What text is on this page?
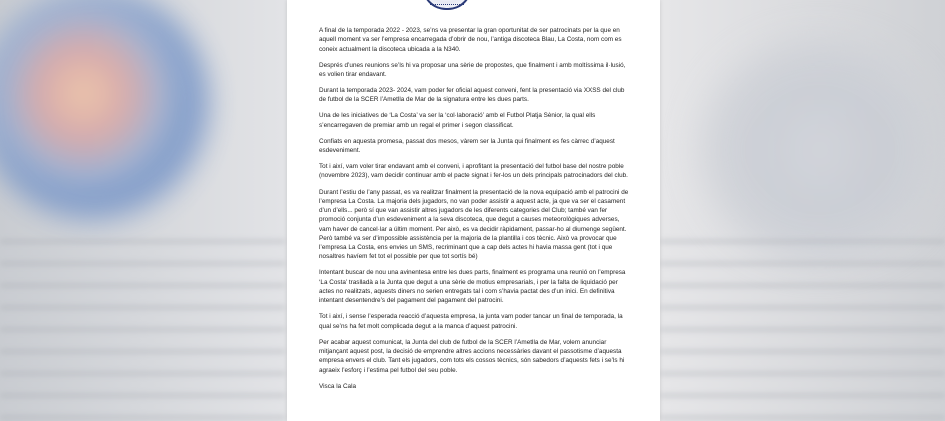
A final de la temporada 2022 - 2023, se’ns va presentar la gran oportunitat de ser patrocinats per la que en aquell moment va ser l’empresa encarregada d’obrir de nou, l’antiga discoteca Blau, La Costa, nom com es coneix actualment la discoteca ubicada a la N340.

Després d’unes reunions se’ls hi va proposar una sèrie de propostes, que finalment i amb moltíssima il·lusió, es volien tirar endavant.

Durant la temporada 2023- 2024, vam poder fer oficial aquest conveni, fent la presentació via XXSS del club de futbol de la SCER l’Ametlla de Mar de la signatura entre les dues parts.

Una de les iniciatives de ‘La Costa’ va ser la ‘col·laboració’ amb el Futbol Platja Sènior, la qual ells s’encarregaven de premiar amb un regal el primer i segon classificat.

Confiats en aquesta promesa, passat dos mesos, vàrem ser la Junta qui finalment es fes càrrec d’aquest esdeveniment.

Tot i així, vam voler tirar endavant amb el conveni, i aprofitant la presentació del futbol base del nostre poble (novembre 2023), vam decidir continuar amb el pacte signat i fer-los un dels principals patrocinadors del club.

Durant l’estiu de l’any passat, es va realitzar finalment la presentació de la nova equipació amb el patrocini de l’empresa La Costa. La majoria dels jugadors, no van poder assistir a aquest acte, ja que va ser el casament d’un d’ells... però sí que van assistir altres jugadors de les diferents categories del Club; també van fer promoció conjunta d’un esdeveniment a la seva discoteca, que degut a causes meteorològiques adverses, vam haver de cancel·lar a últim moment. Per això, es va decidir ràpidament, passar-ho al diumenge següent. Però també va ser d’impossible assistència per la majoria de la plantilla i cos tècnic. Això va provocar que l’empresa La Costa, ens envies un SMS, recriminant que a cap dels actes hi havia massa gent (tot i que nosaltres havíem fet tot el possible per que tot sortís bé)

Intentant buscar de nou una avinentesa entre les dues parts, finalment es programa una reunió on l’empresa ‘La Costa’ traslladà a la Junta que degut a una sèrie de motius empresarials, i per la falta de liquidació per actes no realitzats, aquests diners no serien entregats tal i com s’havia pactat des d’un inici. En definitiva intentant desentendre’s del pagament del pagament del patrocini.

Tot i així, i sense l’esperada reacció d’aquesta empresa, la junta vam poder tancar un final de temporada, la qual se’ns ha fet molt complicada degut a la manca d’aquest patrocini.

Per acabar aquest comunicat, la Junta del club de futbol de la SCER l’Ametlla de Mar, volem anunciar mitjançant aquest post, la decisió de emprendre altres accions necessàries davant el passotisme d’aquesta empresa envers el club. Tant els jugadors, com tots els cossos tècnics, són sabedors d’aquests fets i se’ls hi agraeix l’esforç i l’estima pel futbol del seu poble.

Visca la Cala
